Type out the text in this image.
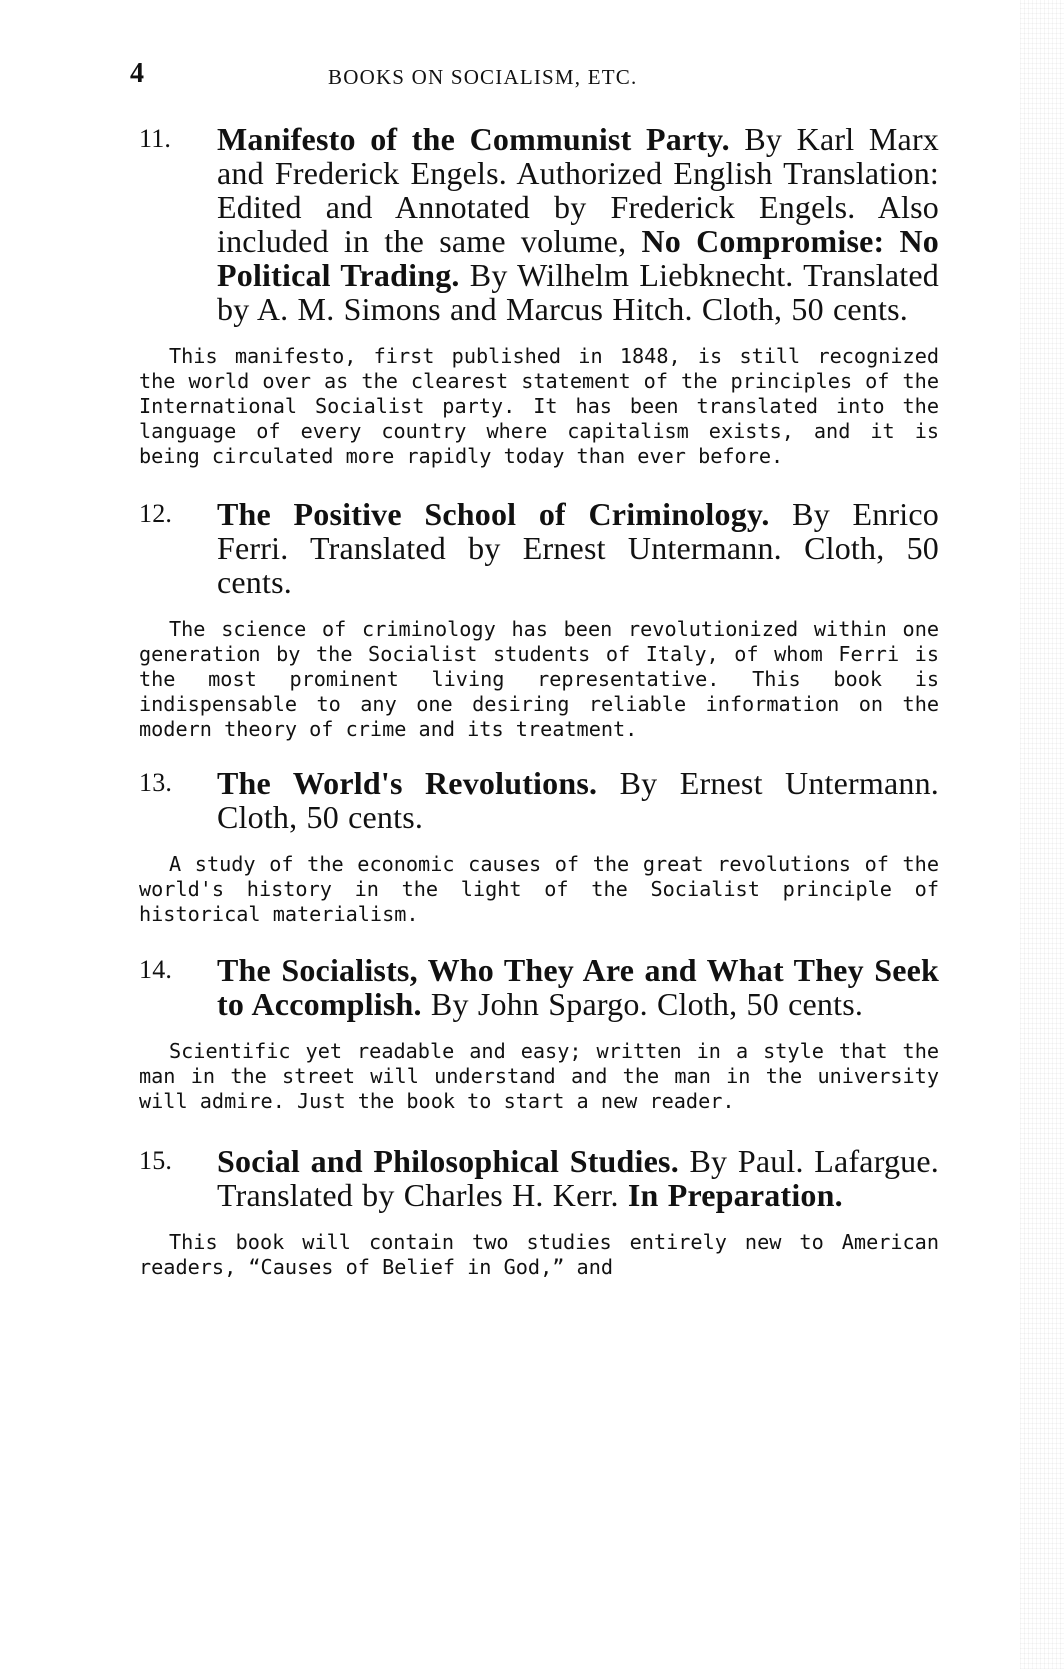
4	BOOKS ON SOCIALISM, ETC.
11.	Manifesto of the Communist Party. By Karl Marx and Frederick Engels. Authorized English Translation: Edited and Annotated by Frederick Engels. Also included in the same volume, No Compromise: No Political Trading. By Wilhelm Liebknecht. Translated by A. M. Simons and Marcus Hitch. Cloth, 50 cents.

This manifesto, first published in 1848, is still recognized the world over as the clearest statement of the principles of the International Socialist party. It has been translated into the language of every country where capitalism exists, and it is being circulated more rapidly today than ever before.

12.	The Positive School of Criminology. By Enrico Ferri. Translated by Ernest Untermann. Cloth, 50 cents.

The science of criminology has been revolutionized within one generation by the Socialist students of Italy, of whom Ferri is the most prominent living representative. This book is indispensable to any one desiring reliable information on the modern theory of crime and its treatment.

13.	The World's Revolutions. By Ernest Untermann. Cloth, 50 cents.

A study of the economic causes of the great revolutions of the world's history in the light of the Socialist principle of historical materialism.

14.	The Socialists, Who They Are and What They Seek to Accomplish. By John Spargo. Cloth, 50 cents.

Scientific yet readable and easy; written in a style that the man in the street will understand and the man in the university will admire. Just the book to start a new reader.

15.	Social and Philosophical Studies. By Paul. Lafargue. Translated by Charles H. Kerr. In Preparation.

This book will contain two studies entirely new to American readers, “Causes of Belief in God,” and
